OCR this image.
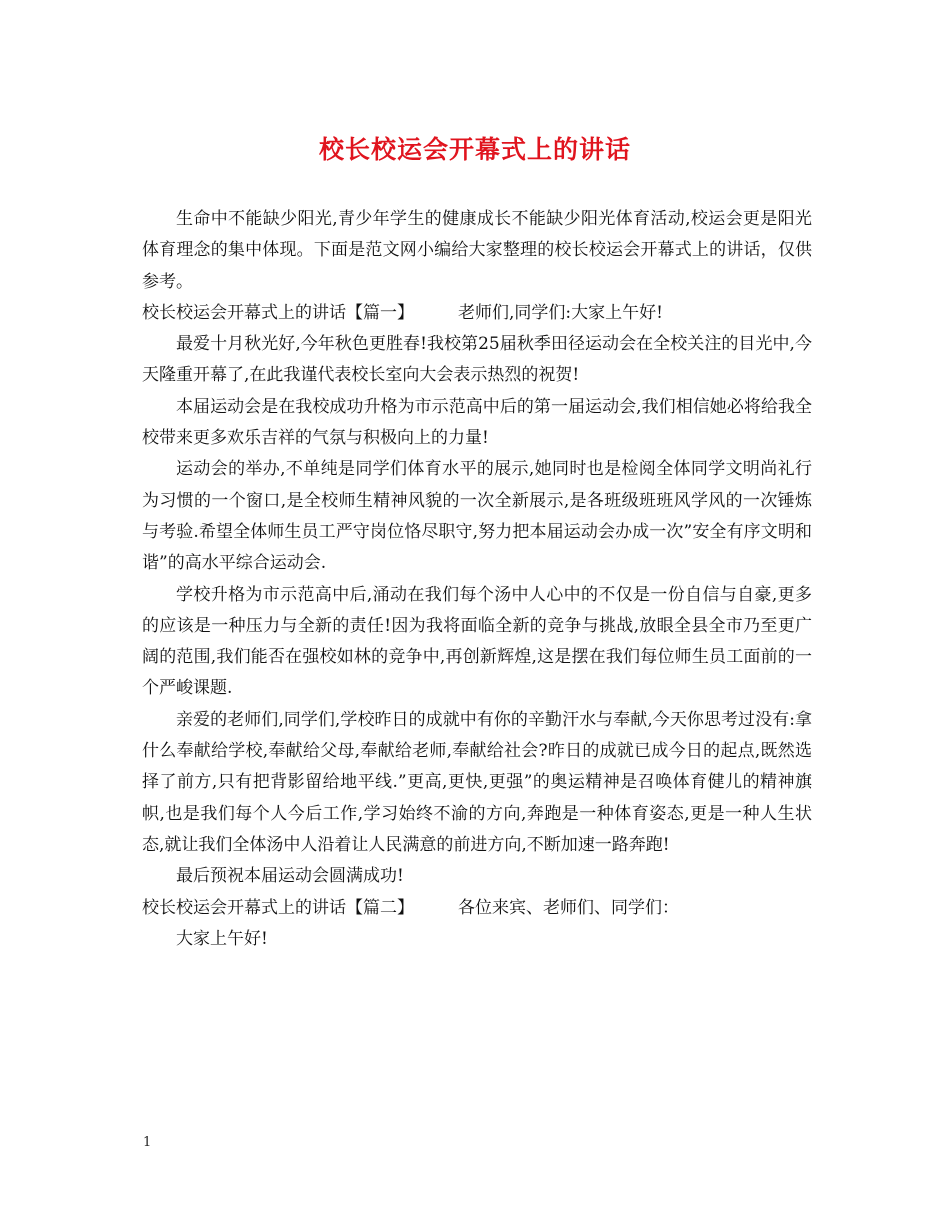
校长校运会开幕式上的讲话

生命中不能缺少阳光,青少年学生的健康成长不能缺少阳光体育活动,校运会更是阳光体育理念的集中体现。下面是范文网小编给大家整理的校长校运会开幕式上的讲话，仅供参考。

校长校运会开幕式上的讲话【篇一】	老师们,同学们:大家上午好!

最爱十月秋光好,今年秋色更胜春!我校第25届秋季田径运动会在全校关注的目光中,今天隆重开幕了,在此我谨代表校长室向大会表示热烈的祝贺!

本届运动会是在我校成功升格为市示范高中后的第一届运动会,我们相信她必将给我全校带来更多欢乐吉祥的气氛与积极向上的力量!

运动会的举办,不单纯是同学们体育水平的展示,她同时也是检阅全体同学文明尚礼行为习惯的一个窗口,是全校师生精神风貌的一次全新展示,是各班级班班风学风的一次锤炼与考验.希望全体师生员工严守岗位恪尽职守,努力把本届运动会办成一次”安全有序文明和谐”的高水平综合运动会.

学校升格为市示范高中后,涌动在我们每个汤中人心中的不仅是一份自信与自豪,更多的应该是一种压力与全新的责任!因为我将面临全新的竞争与挑战,放眼全县全市乃至更广阔的范围,我们能否在强校如林的竞争中,再创新辉煌,这是摆在我们每位师生员工面前的一个严峻课题.

亲爱的老师们,同学们,学校昨日的成就中有你的辛勤汗水与奉献,今天你思考过没有:拿什么奉献给学校,奉献给父母,奉献给老师,奉献给社会?昨日的成就已成今日的起点,既然选择了前方,只有把背影留给地平线.”更高,更快,更强”的奥运精神是召唤体育健儿的精神旗帜,也是我们每个人今后工作,学习始终不渝的方向,奔跑是一种体育姿态,更是一种人生状态,就让我们全体汤中人沿着让人民满意的前进方向,不断加速一路奔跑!

最后预祝本届运动会圆满成功!

校长校运会开幕式上的讲话【篇二】	各位来宾、老师们、同学们：

大家上午好!

1
